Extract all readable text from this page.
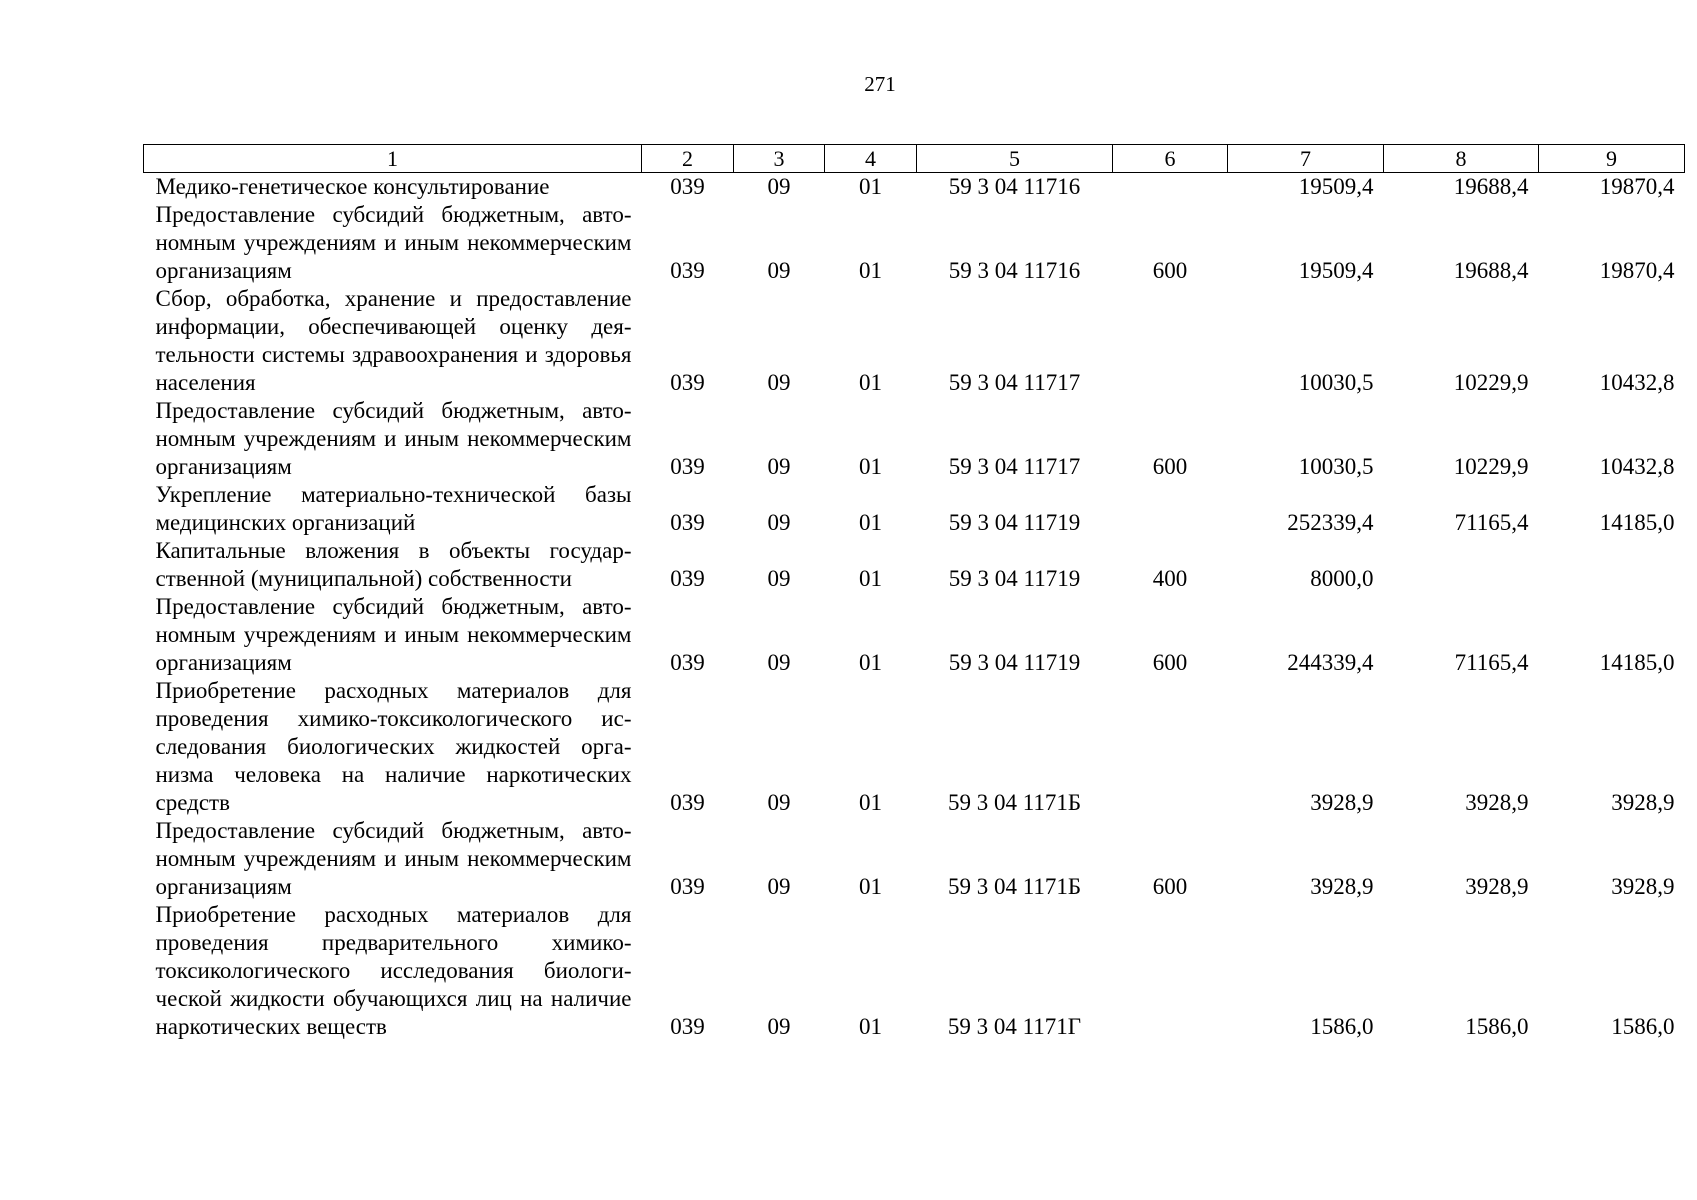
271
1	2	3	4	5	6	7	8	9
Медико-генетическое консультирование	039	09	01	59 3 04 11716		19509,4	19688,4	19870,4
Предоставление субсидий бюджетным, автономным учреждениям и иным некоммерческим организациям	039	09	01	59 3 04 11716	600	19509,4	19688,4	19870,4
Сбор, обработка, хранение и предоставление информации, обеспечивающей оценку деятельности системы здравоохранения и здоровья населения	039	09	01	59 3 04 11717		10030,5	10229,9	10432,8
Предоставление субсидий бюджетным, автономным учреждениям и иным некоммерческим организациям	039	09	01	59 3 04 11717	600	10030,5	10229,9	10432,8
Укрепление материально-технической базы медицинских организаций	039	09	01	59 3 04 11719		252339,4	71165,4	14185,0
Капитальные вложения в объекты государственной (муниципальной) собственности	039	09	01	59 3 04 11719	400	8000,0		
Предоставление субсидий бюджетным, автономным учреждениям и иным некоммерческим организациям	039	09	01	59 3 04 11719	600	244339,4	71165,4	14185,0
Приобретение расходных материалов для проведения химико-токсикологического исследования биологических жидкостей организма человека на наличие наркотических средств	039	09	01	59 3 04 1171Б		3928,9	3928,9	3928,9
Предоставление субсидий бюджетным, автономным учреждениям и иным некоммерческим организациям	039	09	01	59 3 04 1171Б	600	3928,9	3928,9	3928,9
Приобретение расходных материалов для проведения предварительного химико-токсикологического исследования биологической жидкости обучающихся лиц на наличие наркотических веществ	039	09	01	59 3 04 1171Г		1586,0	1586,0	1586,0
